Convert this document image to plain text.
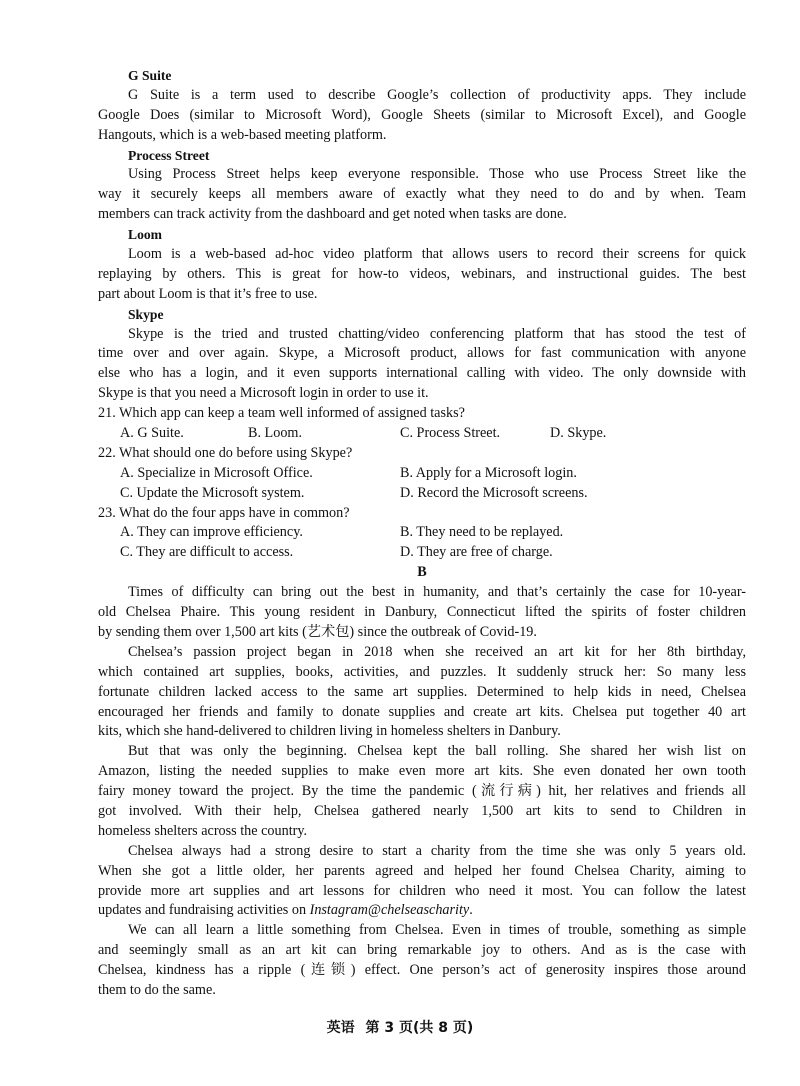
G Suite
G Suite is a term used to describe Google’s collection of productivity apps. They include
Google Does (similar to Microsoft Word), Google Sheets (similar to Microsoft Excel), and Google
Hangouts, which is a web-based meeting platform.
Process Street
Using Process Street helps keep everyone responsible. Those who use Process Street like the
way it securely keeps all members aware of exactly what they need to do and by when. Team
members can track activity from the dashboard and get noted when tasks are done.
Loom
Loom is a web-based ad-hoc video platform that allows users to record their screens for quick
replaying by others. This is great for how-to videos, webinars, and instructional guides. The best
part about Loom is that it’s free to use.
Skype
Skype is the tried and trusted chatting/video conferencing platform that has stood the test of
time over and over again. Skype, a Microsoft product, allows for fast communication with anyone
else who has a login, and it even supports international calling with video. The only downside with
Skype is that you need a Microsoft login in order to use it.
21. Which app can keep a team well informed of assigned tasks?
A. G Suite.	B. Loom.	C. Process Street.	D. Skype.
22. What should one do before using Skype?
A. Specialize in Microsoft Office.	B. Apply for a Microsoft login.
C. Update the Microsoft system.	D. Record the Microsoft screens.
23. What do the four apps have in common?
A. They can improve efficiency.	B. They need to be replayed.
C. They are difficult to access.	D. They are free of charge.
B
Times of difficulty can bring out the best in humanity, and that’s certainly the case for 10-year-
old Chelsea Phaire. This young resident in Danbury, Connecticut lifted the spirits of foster children
by sending them over 1,500 art kits (艺术包) since the outbreak of Covid-19.
Chelsea’s passion project began in 2018 when she received an art kit for her 8th birthday,
which contained art supplies, books, activities, and puzzles. It suddenly struck her: So many less
fortunate children lacked access to the same art supplies. Determined to help kids in need, Chelsea
encouraged her friends and family to donate supplies and create art kits. Chelsea put together 40 art
kits, which she hand-delivered to children living in homeless shelters in Danbury.
But that was only the beginning. Chelsea kept the ball rolling. She shared her wish list on
Amazon, listing the needed supplies to make even more art kits. She even donated her own tooth
fairy money toward the project. By the time the pandemic (流行病) hit, her relatives and friends all
got involved. With their help, Chelsea gathered nearly 1,500 art kits to send to Children in
homeless shelters across the country.
Chelsea always had a strong desire to start a charity from the time she was only 5 years old.
When she got a little older, her parents agreed and helped her found Chelsea Charity, aiming to
provide more art supplies and art lessons for children who need it most. You can follow the latest
updates and fundraising activities on Instagram@chelseascharity.
We can all learn a little something from Chelsea. Even in times of trouble, something as simple
and seemingly small as an art kit can bring remarkable joy to others. And as is the case with
Chelsea, kindness has a ripple (连锁) effect. One person’s act of generosity inspires those around
them to do the same.
英语 第 3 页(共 8 页)
